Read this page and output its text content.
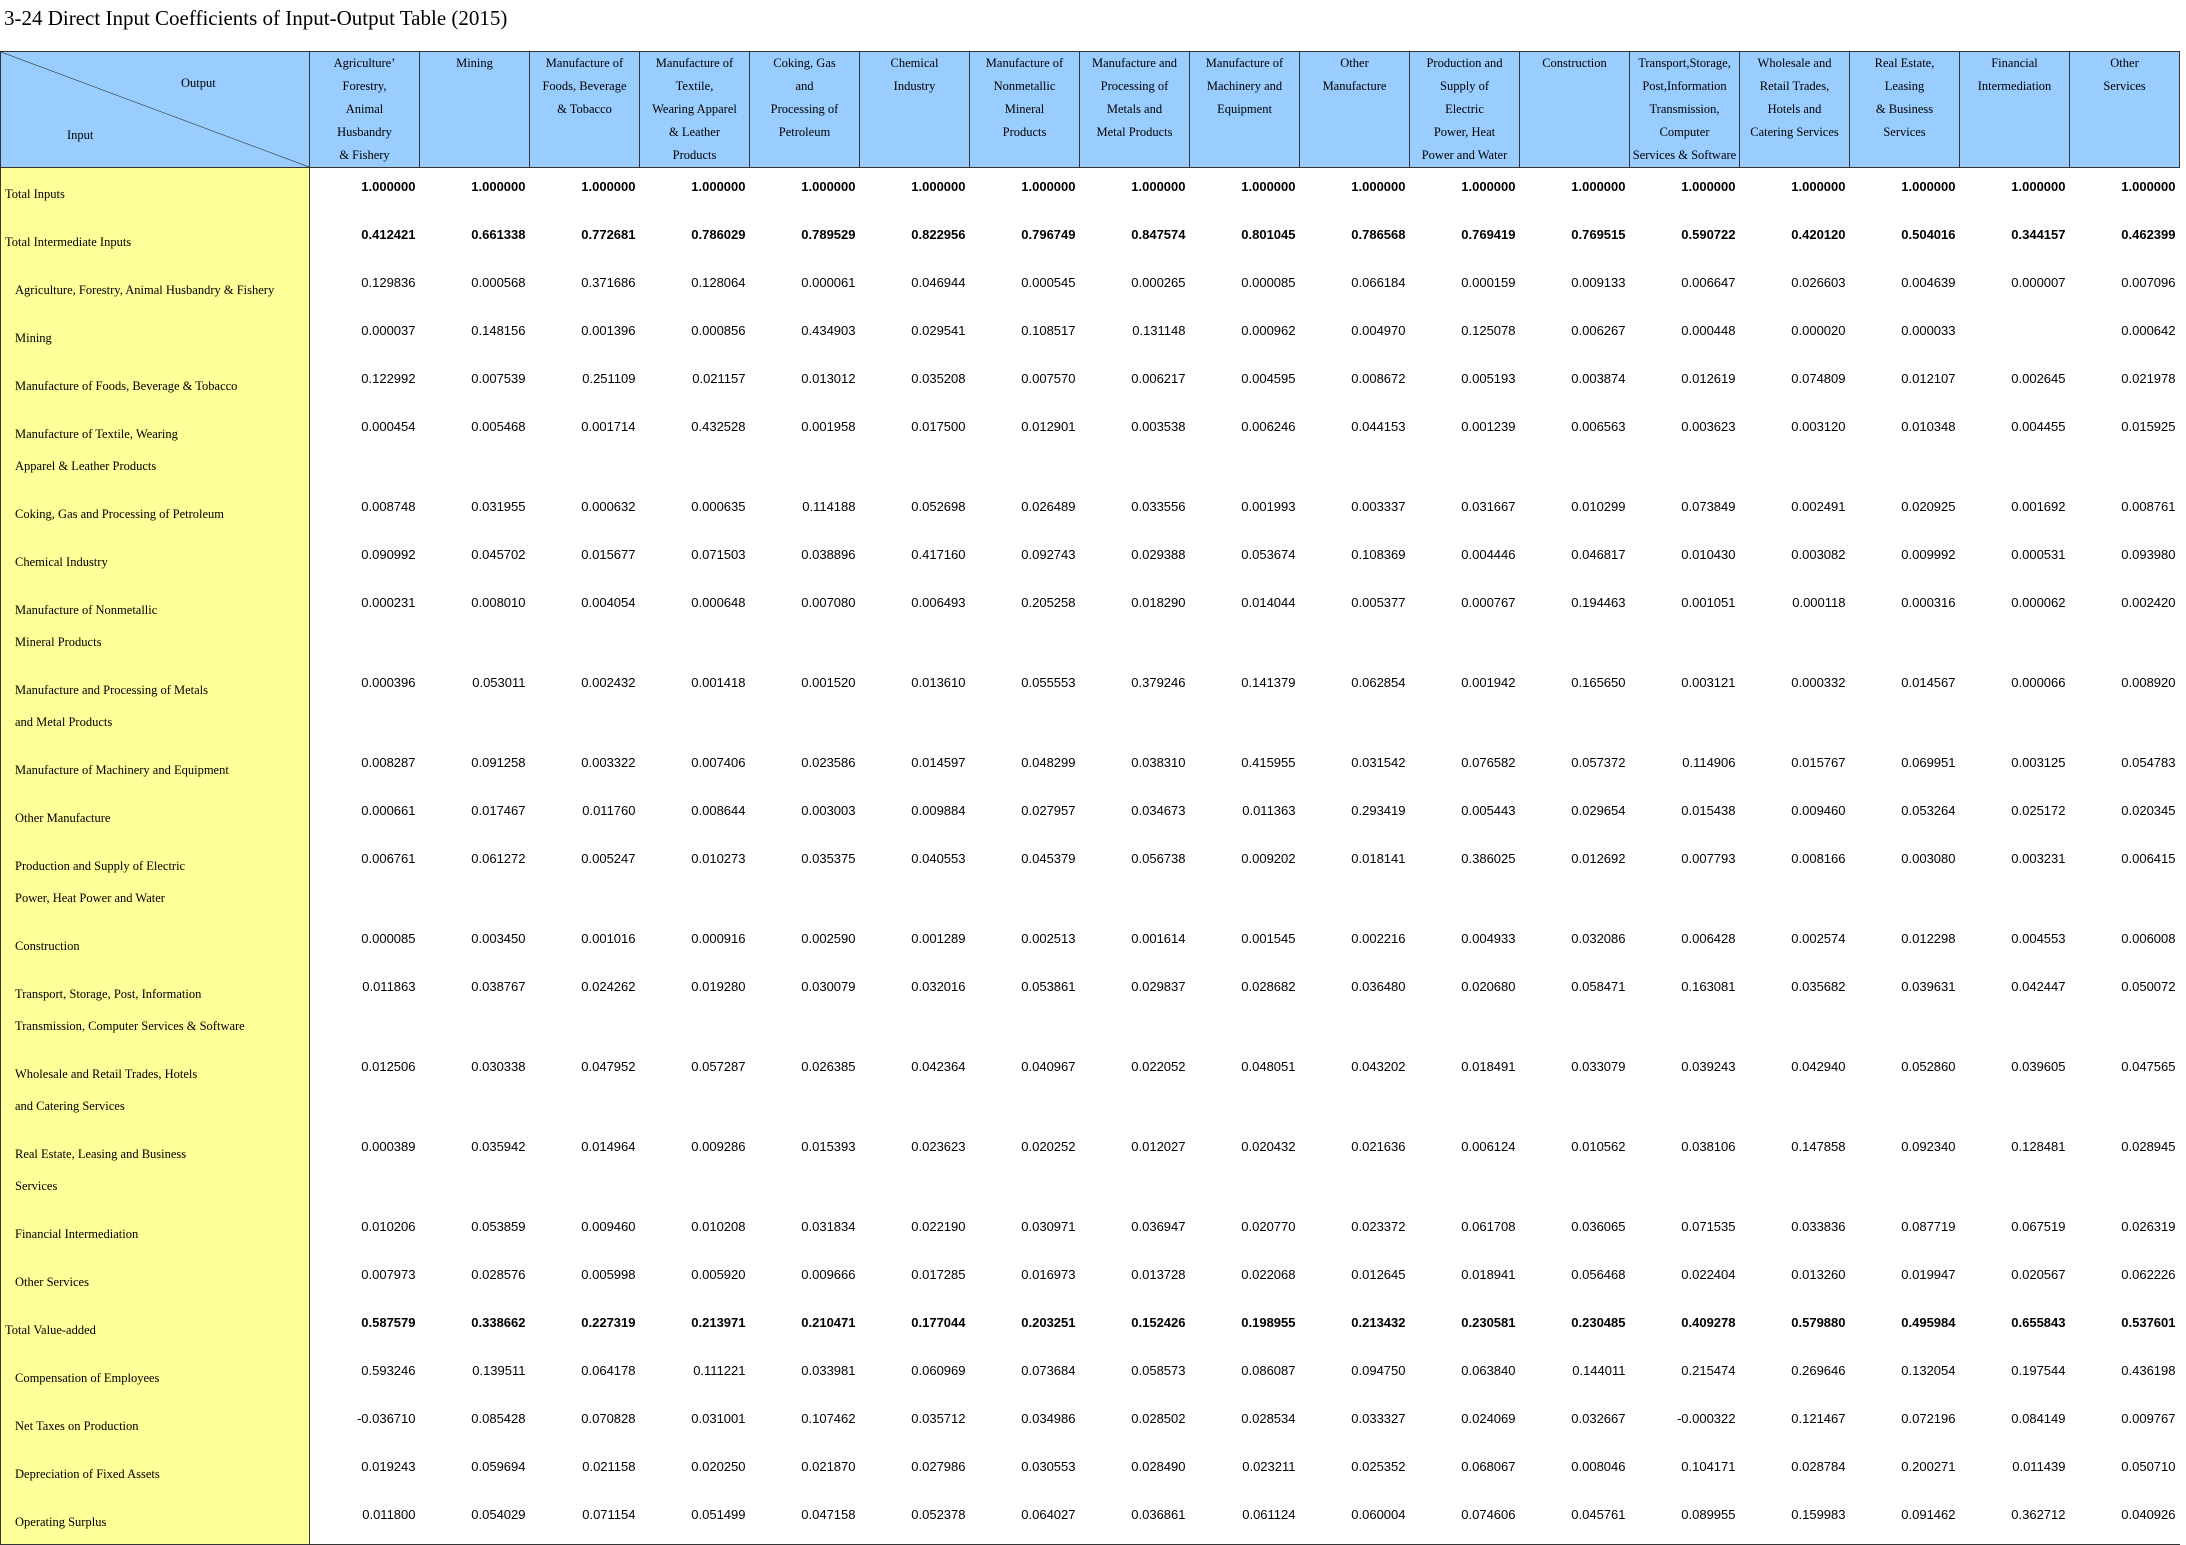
3-24 Direct Input Coefficients of Input-Output Table (2015)
Output
Input	Agriculture’
Forestry,
Animal
Husbandry
& Fishery	Mining	Manufacture of
Foods, Beverage
& Tobacco	Manufacture of
Textile,
Wearing Apparel
& Leather
Products	Coking, Gas
and
Processing of
Petroleum	Chemical
Industry	Manufacture of
Nonmetallic
Mineral
Products	Manufacture and
Processing of
Metals and
Metal Products	Manufacture of
Machinery and
Equipment	Other
Manufacture	Production and
Supply of
Electric
Power, Heat
Power and Water	Construction	Transport,Storage,
Post,Information
Transmission,
Computer
Services & Software	Wholesale and
Retail Trades,
Hotels and
Catering Services	Real Estate,
Leasing
& Business
Services	Financial
Intermediation	Other
Services

Total Inputs	1.000000	1.000000	1.000000	1.000000	1.000000	1.000000	1.000000	1.000000	1.000000	1.000000	1.000000	1.000000	1.000000	1.000000	1.000000	1.000000	1.000000

Total Intermediate Inputs	0.412421	0.661338	0.772681	0.786029	0.789529	0.822956	0.796749	0.847574	0.801045	0.786568	0.769419	0.769515	0.590722	0.420120	0.504016	0.344157	0.462399

Agriculture, Forestry, Animal Husbandry & Fishery	0.129836	0.000568	0.371686	0.128064	0.000061	0.046944	0.000545	0.000265	0.000085	0.066184	0.000159	0.009133	0.006647	0.026603	0.004639	0.000007	0.007096

Mining	0.000037	0.148156	0.001396	0.000856	0.434903	0.029541	0.108517	0.131148	0.000962	0.004970	0.125078	0.006267	0.000448	0.000020	0.000033		0.000642

Manufacture of Foods, Beverage & Tobacco	0.122992	0.007539	0.251109	0.021157	0.013012	0.035208	0.007570	0.006217	0.004595	0.008672	0.005193	0.003874	0.012619	0.074809	0.012107	0.002645	0.021978

Manufacture of Textile, Wearing
Apparel & Leather Products	0.000454	0.005468	0.001714	0.432528	0.001958	0.017500	0.012901	0.003538	0.006246	0.044153	0.001239	0.006563	0.003623	0.003120	0.010348	0.004455	0.015925

Coking, Gas and Processing of Petroleum	0.008748	0.031955	0.000632	0.000635	0.114188	0.052698	0.026489	0.033556	0.001993	0.003337	0.031667	0.010299	0.073849	0.002491	0.020925	0.001692	0.008761

Chemical Industry	0.090992	0.045702	0.015677	0.071503	0.038896	0.417160	0.092743	0.029388	0.053674	0.108369	0.004446	0.046817	0.010430	0.003082	0.009992	0.000531	0.093980

Manufacture of Nonmetallic
Mineral Products	0.000231	0.008010	0.004054	0.000648	0.007080	0.006493	0.205258	0.018290	0.014044	0.005377	0.000767	0.194463	0.001051	0.000118	0.000316	0.000062	0.002420

Manufacture and Processing of Metals
and Metal Products	0.000396	0.053011	0.002432	0.001418	0.001520	0.013610	0.055553	0.379246	0.141379	0.062854	0.001942	0.165650	0.003121	0.000332	0.014567	0.000066	0.008920

Manufacture of Machinery and Equipment	0.008287	0.091258	0.003322	0.007406	0.023586	0.014597	0.048299	0.038310	0.415955	0.031542	0.076582	0.057372	0.114906	0.015767	0.069951	0.003125	0.054783

Other Manufacture	0.000661	0.017467	0.011760	0.008644	0.003003	0.009884	0.027957	0.034673	0.011363	0.293419	0.005443	0.029654	0.015438	0.009460	0.053264	0.025172	0.020345

Production and Supply of Electric
Power, Heat Power and Water	0.006761	0.061272	0.005247	0.010273	0.035375	0.040553	0.045379	0.056738	0.009202	0.018141	0.386025	0.012692	0.007793	0.008166	0.003080	0.003231	0.006415

Construction	0.000085	0.003450	0.001016	0.000916	0.002590	0.001289	0.002513	0.001614	0.001545	0.002216	0.004933	0.032086	0.006428	0.002574	0.012298	0.004553	0.006008

Transport, Storage, Post, Information
Transmission, Computer Services & Software	0.011863	0.038767	0.024262	0.019280	0.030079	0.032016	0.053861	0.029837	0.028682	0.036480	0.020680	0.058471	0.163081	0.035682	0.039631	0.042447	0.050072

Wholesale and Retail Trades, Hotels
and Catering Services	0.012506	0.030338	0.047952	0.057287	0.026385	0.042364	0.040967	0.022052	0.048051	0.043202	0.018491	0.033079	0.039243	0.042940	0.052860	0.039605	0.047565

Real Estate, Leasing and Business
Services	0.000389	0.035942	0.014964	0.009286	0.015393	0.023623	0.020252	0.012027	0.020432	0.021636	0.006124	0.010562	0.038106	0.147858	0.092340	0.128481	0.028945

Financial Intermediation	0.010206	0.053859	0.009460	0.010208	0.031834	0.022190	0.030971	0.036947	0.020770	0.023372	0.061708	0.036065	0.071535	0.033836	0.087719	0.067519	0.026319

Other Services	0.007973	0.028576	0.005998	0.005920	0.009666	0.017285	0.016973	0.013728	0.022068	0.012645	0.018941	0.056468	0.022404	0.013260	0.019947	0.020567	0.062226

Total Value-added	0.587579	0.338662	0.227319	0.213971	0.210471	0.177044	0.203251	0.152426	0.198955	0.213432	0.230581	0.230485	0.409278	0.579880	0.495984	0.655843	0.537601

Compensation of Employees	0.593246	0.139511	0.064178	0.111221	0.033981	0.060969	0.073684	0.058573	0.086087	0.094750	0.063840	0.144011	0.215474	0.269646	0.132054	0.197544	0.436198

Net Taxes on Production	-0.036710	0.085428	0.070828	0.031001	0.107462	0.035712	0.034986	0.028502	0.028534	0.033327	0.024069	0.032667	-0.000322	0.121467	0.072196	0.084149	0.009767

Depreciation of Fixed Assets	0.019243	0.059694	0.021158	0.020250	0.021870	0.027986	0.030553	0.028490	0.023211	0.025352	0.068067	0.008046	0.104171	0.028784	0.200271	0.011439	0.050710

Operating Surplus	0.011800	0.054029	0.071154	0.051499	0.047158	0.052378	0.064027	0.036861	0.061124	0.060004	0.074606	0.045761	0.089955	0.159983	0.091462	0.362712	0.040926
